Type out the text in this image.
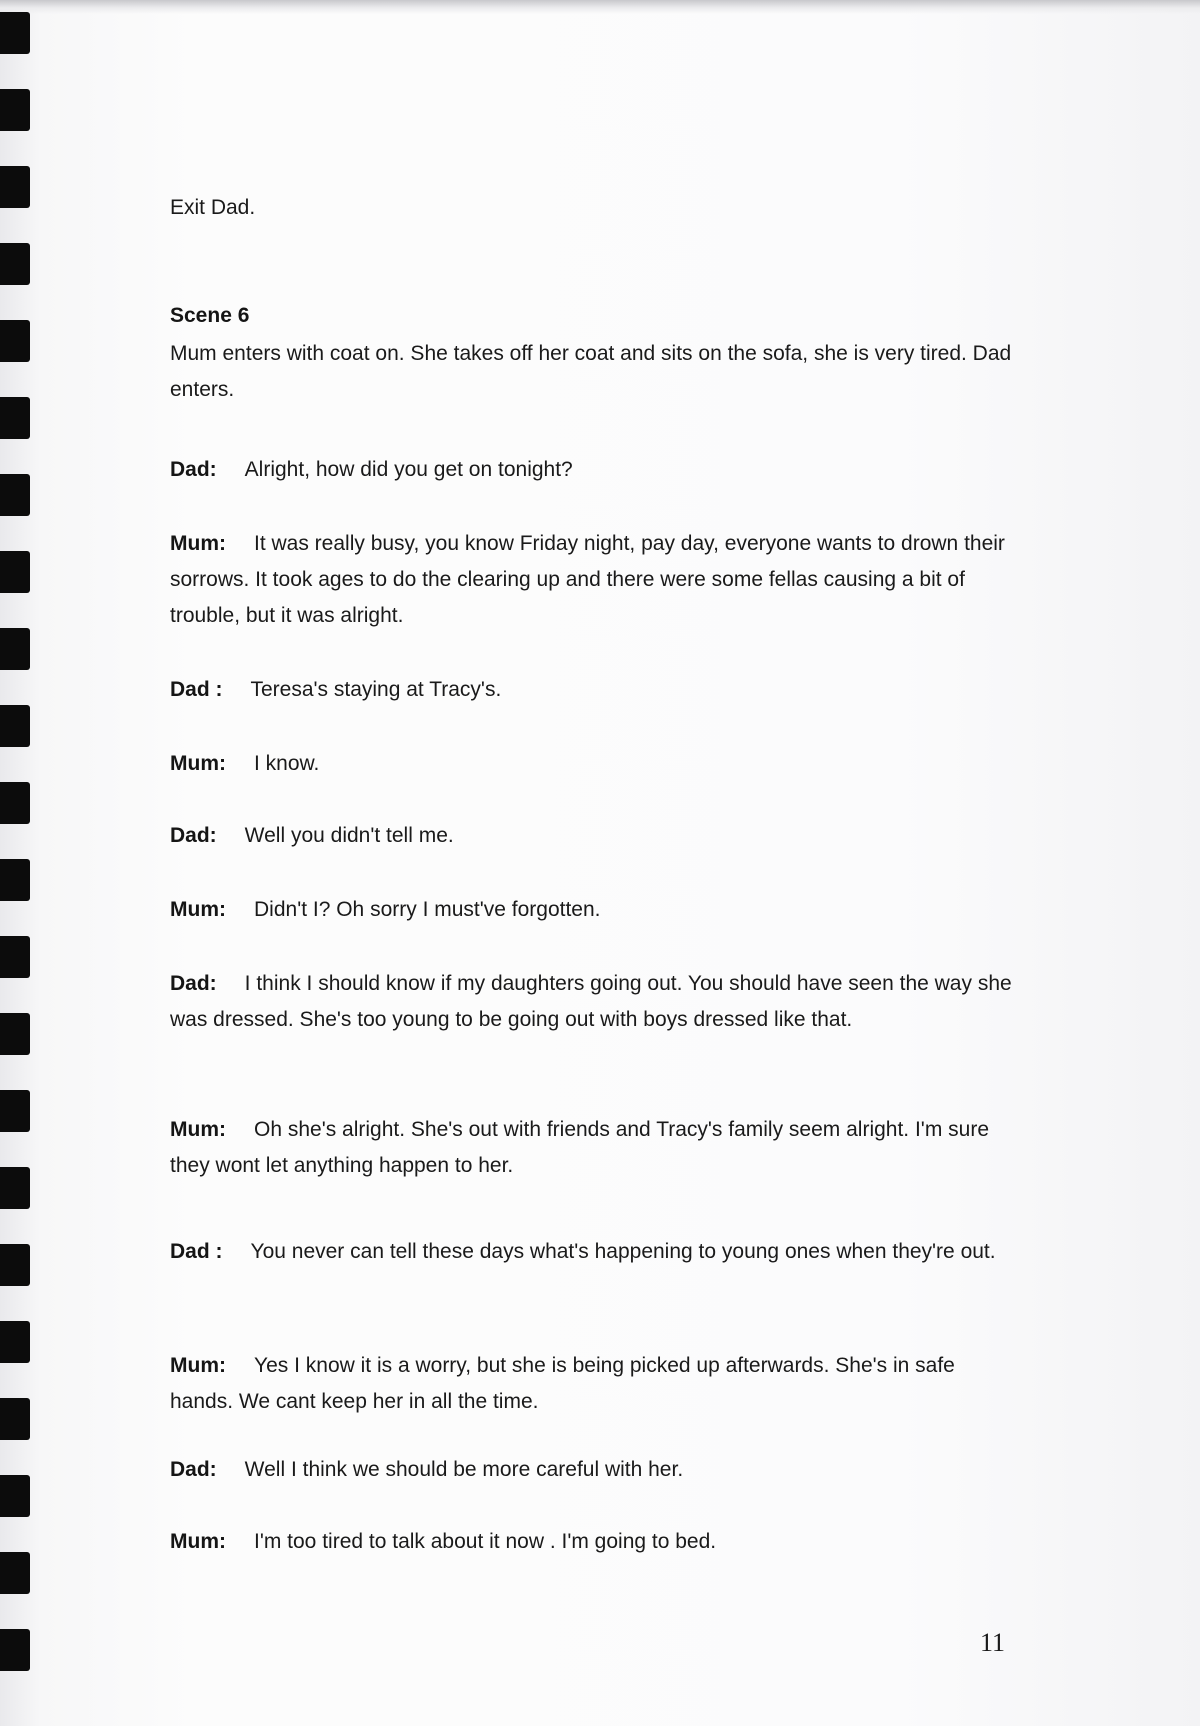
Exit Dad.
Scene 6
Mum enters with coat on. She takes off her coat and sits on the sofa, she is very tired. Dad enters.
Dad: Alright, how did you get on tonight?
Mum: It was really busy, you know Friday night, pay day, everyone wants to drown their sorrows. It took ages to do the clearing up and there were some fellas causing a bit of trouble, but it was alright.
Dad : Teresa's staying at Tracy's.
Mum: I know.
Dad: Well you didn't tell me.
Mum: Didn't I? Oh sorry I must've forgotten.
Dad: I think I should know if my daughters going out. You should have seen the way she was dressed. She's too young to be going out with boys dressed like that.
Mum: Oh she's alright. She's out with friends and Tracy's family seem alright. I'm sure they wont let anything happen to her.
Dad : You never can tell these days what's happening to young ones when they're out.
Mum: Yes I know it is a worry, but she is being picked up afterwards. She's in safe hands. We cant keep her in all the time.
Dad: Well I think we should be more careful with her.
Mum: I'm too tired to talk about it now . I'm going to bed.
11
